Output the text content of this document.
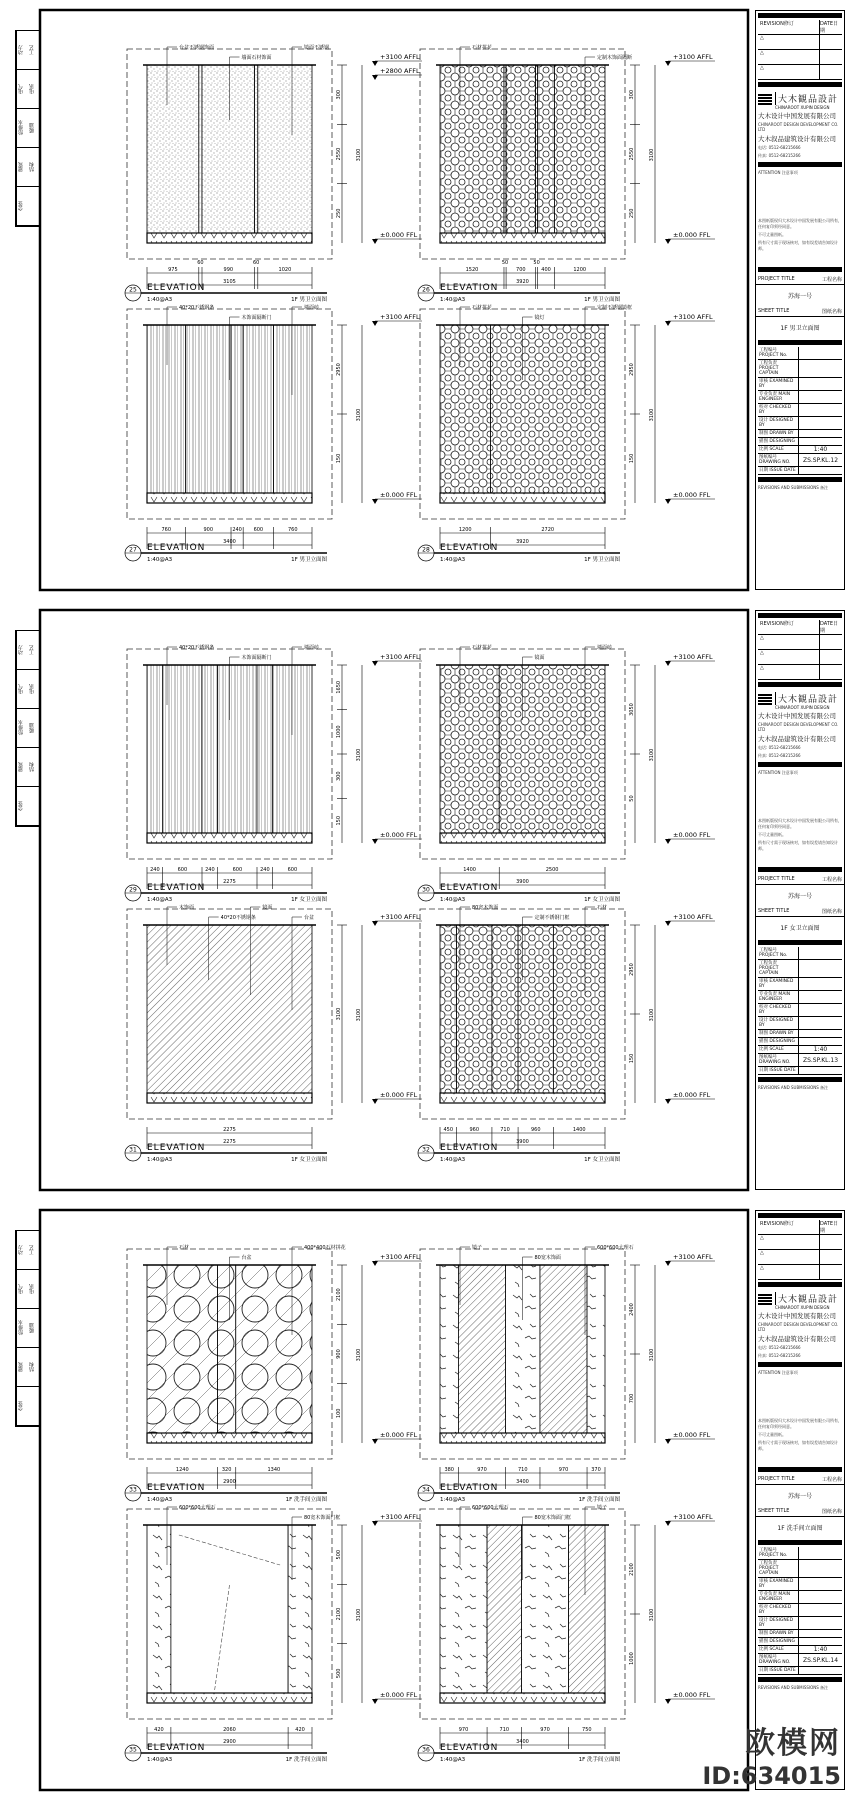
975
60
990
60
1020
3105
300
2550
250
3100
+3100 AFFL
±0.000 FFL
+2800 AFFL
台盆不锈钢饰面
墙面石材饰面
镜面不锈钢
25 ELEVATION
1:40@A3	1F 男卫立面图
1520
50
700
50
400	1200
3920
300
2550
250
3100
+3100 AFFL
±0.000 FFL
石材拼花
定制木饰面隔断
26 ELEVATION
1:40@A3	1F 男卫立面图
760	900	240 600	760
3400
2950
150
3100
+3100 AFFL
±0.000 FFL
40*20不锈钢条
木饰面隔断门
墙面砖
27 ELEVATION
1:40@A3	1F 男卫立面图
1200	2720
3920
2950
150
3100
+3100 AFFL
±0.000 FFL
石材拼花
镜灯
定制不锈钢镜框
28 ELEVATION
1:40@A3	1F 男卫立面图
240	600	240	600	240	600
2275
1650
1000
300
150
3100
+3100 AFFL
±0.000 FFL
40*20不锈钢条
木饰面隔断门
墙面砖
29 ELEVATION
1:40@A3	1F 女卫立面图
1400	2500
3900
3050
50
3100
+3100 AFFL
±0.000 FFL
石材拼花
镜面
墙面砖
30 ELEVATION
1:40@A3	1F 女卫立面图
2275
2275
3100	3100
+3100 AFFL
±0.000 FFL
木饰面
40*20不锈钢条
镜面
台盆
31 ELEVATION
1:40@A3	1F 女卫立面图
450	960	710	960	1400
3900
2950
150
3100
+3100 AFFL
±0.000 FFL
80宽木饰面
定制不锈钢门框
石材
32 ELEVATION
1:40@A3	1F 女卫立面图
1240	320	1340
2900
2100
900
100
3100
+3100 AFFL
±0.000 FFL
石材
台盆
400*400石材拼花
33 ELEVATION
1:40@A3	1F 洗手间立面图
380	970	710	970	370
3400
2400
700
3100
+3100 AFFL
±0.000 FFL
镜子
80宽木饰面
600*600大理石
34 ELEVATION
1:40@A3	1F 洗手间立面图
420	2060	420
2900
500
2100
500
3100
+3100 AFFL
±0.000 FFL
600*600大理石
80宽木饰面门框
35 ELEVATION
1:40@A3	1F 洗手间立面图
970	710	970	750
3400
2100
1000
3100
+3100 AFFL
±0.000 FFL
600*600大理石
80宽木饰面门框
镜子
36 ELEVATION
1:40@A3	1F 洗手间立面图
动力	工艺
电气	电讯
给排水	暖通
建筑	结构
会签
REVISION修订	DATE日期
△
△
△
大木観品設計
CHINAROOT XUPIN DESIGN
大木设计中国发展有限公司
CHINAROOT DESIGN DEVELOPMENT CO. LTD
大木叙品建筑设计有限公司
电话: 0512-68215666
传真: 0512-68215266
ATTENTION 注意事项
本图纸版权归大木设计中国发展有限公司所有，任何复印须经同意。
不可丈量图纸。
所有尺寸需于现场核对，如有误差请告知设计师。
PROJECT TITLE	工程名称
苏海一号
SHEET TITLE	图纸名称
1F 男卫立面图
工程编号 PROJECT No.
工程负责 PROJECT CAPTAIN
审核 EXAMINED BY
专业负责 MAIN ENGINEER
校对 CHECKED BY
设计 DESIGNED BY
制图 DRAWN BY
描图 DESIGNING
比例 SCALE	1:40
图纸编号 DRAWING NO.	ZS.SP.KL.12
日期 ISSUE DATE
REVISIONS AND SUBMISSIONS 备注
动力	工艺
电气	电讯
给排水	暖通
建筑	结构
会签
REVISION修订	DATE日期
△
△
△
大木観品設計
CHINAROOT XUPIN DESIGN
大木设计中国发展有限公司
CHINAROOT DESIGN DEVELOPMENT CO. LTD
大木叙品建筑设计有限公司
电话: 0512-68215666
传真: 0512-68215266
ATTENTION 注意事项
本图纸版权归大木设计中国发展有限公司所有，任何复印须经同意。
不可丈量图纸。
所有尺寸需于现场核对，如有误差请告知设计师。
PROJECT TITLE	工程名称
苏海一号
SHEET TITLE	图纸名称
1F 女卫立面图
工程编号 PROJECT No.
工程负责 PROJECT CAPTAIN
审核 EXAMINED BY
专业负责 MAIN ENGINEER
校对 CHECKED BY
设计 DESIGNED BY
制图 DRAWN BY
描图 DESIGNING
比例 SCALE	1:40
图纸编号 DRAWING NO.	ZS.SP.KL.13
日期 ISSUE DATE
REVISIONS AND SUBMISSIONS 备注
动力	工艺
电气	电讯
给排水	暖通
建筑	结构
会签
REVISION修订	DATE日期
△
△
△
大木観品設計
CHINAROOT XUPIN DESIGN
大木设计中国发展有限公司
CHINAROOT DESIGN DEVELOPMENT CO. LTD
大木叙品建筑设计有限公司
电话: 0512-68215666
传真: 0512-68215266
ATTENTION 注意事项
本图纸版权归大木设计中国发展有限公司所有，任何复印须经同意。
不可丈量图纸。
所有尺寸需于现场核对，如有误差请告知设计师。
PROJECT TITLE	工程名称
苏海一号
SHEET TITLE	图纸名称
1F 洗手间立面图
工程编号 PROJECT No.
工程负责 PROJECT CAPTAIN
审核 EXAMINED BY
专业负责 MAIN ENGINEER
校对 CHECKED BY
设计 DESIGNED BY
制图 DRAWN BY
描图 DESIGNING
比例 SCALE	1:40
图纸编号 DRAWING NO.	ZS.SP.KL.14
日期 ISSUE DATE
REVISIONS AND SUBMISSIONS 备注
欧模网
ID:634015
